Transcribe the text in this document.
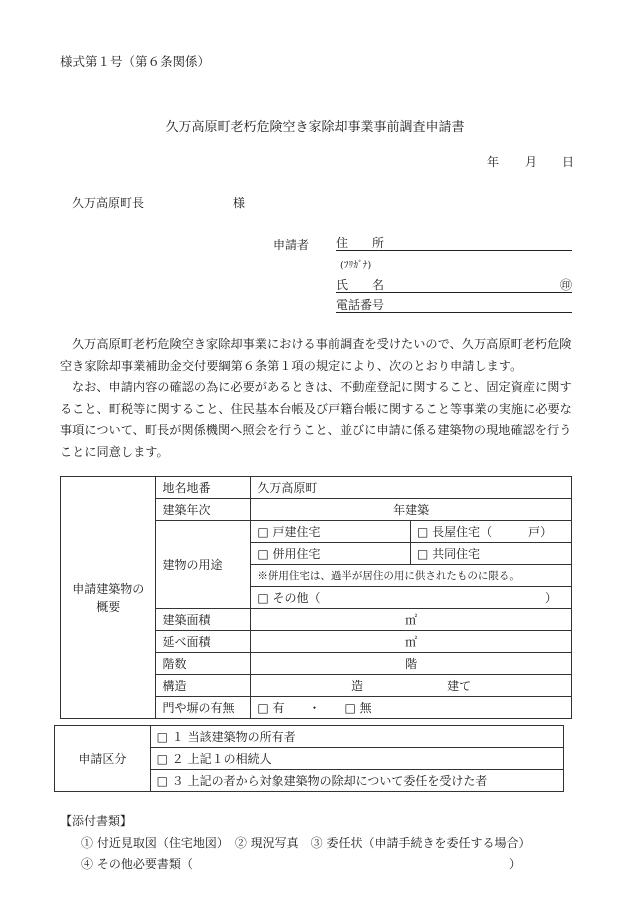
様式第１号（第６条関係）
久万高原町老朽危険空き家除却事業事前調査申請書
年 月 日
久万高原町長	様
申請者 住　　所
(ﾌﾘｶﾞﾅ)
氏　　名	㊞
電話番号

久万高原町老朽危険空き家除却事業における事前調査を受けたいので、久万高原町老朽危険空き家除却事業補助金交付要綱第６条第１項の規定により、次のとおり申請します。

なお、申請内容の確認の為に必要があるときは、不動産登記に関すること、固定資産に関すること、町税等に関すること、住民基本台帳及び戸籍台帳に関すること等事業の実施に必要な事項について、町長が関係機関へ照会を行うこと、並びに申請に係る建築物の現地確認を行うことに同意します。

申請建築物の概要	地名地番	久万高原町	
	建築年次	年建築	
	建物の用途	□ 戸建住宅	□ 長屋住宅（　　　戸）
		□ 併用住宅	□ 共同住宅
		※併用住宅は、過半が居住の用に供されたものに限る。	
		□ その他（ ）	

	建築面積	㎡	
	延べ面積	㎡	
	階数	階	
	構造	造　　　　　　　建て	
	門や塀の有無	□ 有　　・　　□ 無	
申請区分	□ １ 当該建築物の所有者
□ ２ 上記１の相続人
□ ３ 上記の者から対象建築物の除却について委任を受けた者
【添付書類】
① 付近見取図（住宅地図）　② 現況写真　③ 委任状（申請手続きを委任する場合）
④ その他必要書類（	）
